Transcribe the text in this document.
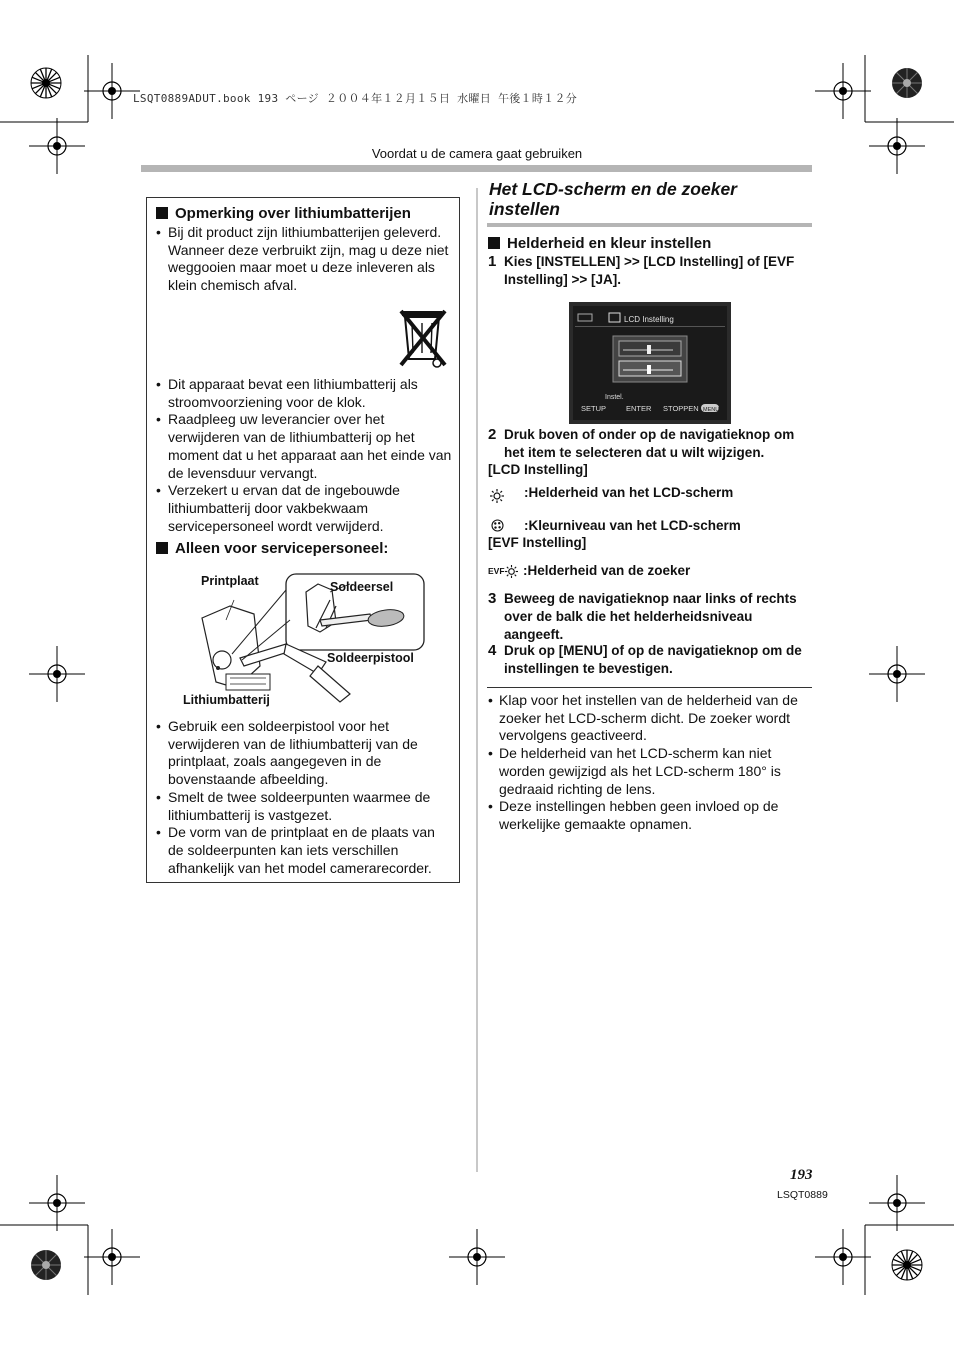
LSQT0889ADUT.book 193 ページ ２００４年１２月１５日 水曜日 午後１時１２分
Voordat u de camera gaat gebruiken
Opmerking over lithiumbatterijen
• Bij dit product zijn lithiumbatterijen geleverd. Wanneer deze verbruikt zijn, mag u deze niet weggooien maar moet u deze inleveren als klein chemisch afval.
• Dit apparaat bevat een lithiumbatterij als stroomvoorziening voor de klok.
• Raadpleeg uw leverancier over het verwijderen van de lithiumbatterij op het moment dat u het apparaat aan het einde van de levensduur vervangt.
• Verzekert u ervan dat de ingebouwde lithiumbatterij door vakbekwaam servicepersoneel wordt verwijderd.
Alleen voor servicepersoneel:
Printplaat	Soldeersel
Soldeerpistool
Lithiumbatterij
• Gebruik een soldeerpistool voor het verwijderen van de lithiumbatterij van de printplaat, zoals aangegeven in de bovenstaande afbeelding.
• Smelt de twee soldeerpunten waarmee de lithiumbatterij is vastgezet.
• De vorm van de printplaat en de plaats van de soldeerpunten kan iets verschillen afhankelijk van het model camerarecorder.
Het LCD-scherm en de zoeker instellen
Helderheid en kleur instellen
1 Kies [INSTELLEN] >> [LCD Instelling] of [EVF Instelling] >> [JA].
LCD Instelling
Instel.
SETUP	ENTER STOPPEN MENU
2 Druk boven of onder op de navigatieknop om het item te selecteren dat u wilt wijzigen.
[LCD Instelling]
:Helderheid van het LCD-scherm
:Kleurniveau van het LCD-scherm
[EVF Instelling]
EVF :Helderheid van de zoeker
3 Beweeg de navigatieknop naar links of rechts over de balk die het helderheidsniveau aangeeft.
4 Druk op [MENU] of op de navigatieknop om de instellingen te bevestigen.
• Klap voor het instellen van de helderheid van de zoeker het LCD-scherm dicht. De zoeker wordt vervolgens geactiveerd.
• De helderheid van het LCD-scherm kan niet worden gewijzigd als het LCD-scherm 180° is gedraaid richting de lens.
• Deze instellingen hebben geen invloed op de werkelijke gemaakte opnamen.
193
LSQT0889
